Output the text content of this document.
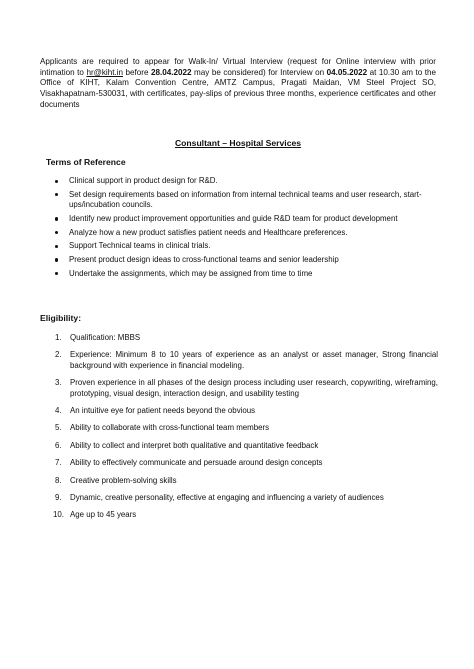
Applicants are required to appear for Walk-In/ Virtual Interview (request for Online interview with prior intimation to hr@kiht.in before 28.04.2022 may be considered) for Interview on 04.05.2022 at 10.30 am to the Office of KIHT, Kalam Convention Centre, AMTZ Campus, Pragati Maidan, VM Steel Project SO, Visakhapatnam-530031, with certificates, pay-slips of previous three months, experience certificates and other documents

Consultant – Hospital Services

Terms of Reference

Clinical support in product design for R&D.
Set design requirements based on information from internal technical teams and user research, start-ups/incubation councils.
Identify new product improvement opportunities and guide R&D team for product development
Analyze how a new product satisfies patient needs and Healthcare preferences.
Support Technical teams in clinical trials.
Present product design ideas to cross-functional teams and senior leadership
Undertake the assignments, which may be assigned from time to time

Eligibility:

1. Qualification: MBBS
2. Experience: Minimum 8 to 10 years of experience as an analyst or asset manager, Strong financial background with experience in financial modeling.
3. Proven experience in all phases of the design process including user research, copywriting, wireframing, prototyping, visual design, interaction design, and usability testing
4. An intuitive eye for patient needs beyond the obvious
5. Ability to collaborate with cross-functional team members
6. Ability to collect and interpret both qualitative and quantitative feedback
7. Ability to effectively communicate and persuade around design concepts
8. Creative problem-solving skills
9. Dynamic, creative personality, effective at engaging and influencing a variety of audiences
10. Age up to 45 years
